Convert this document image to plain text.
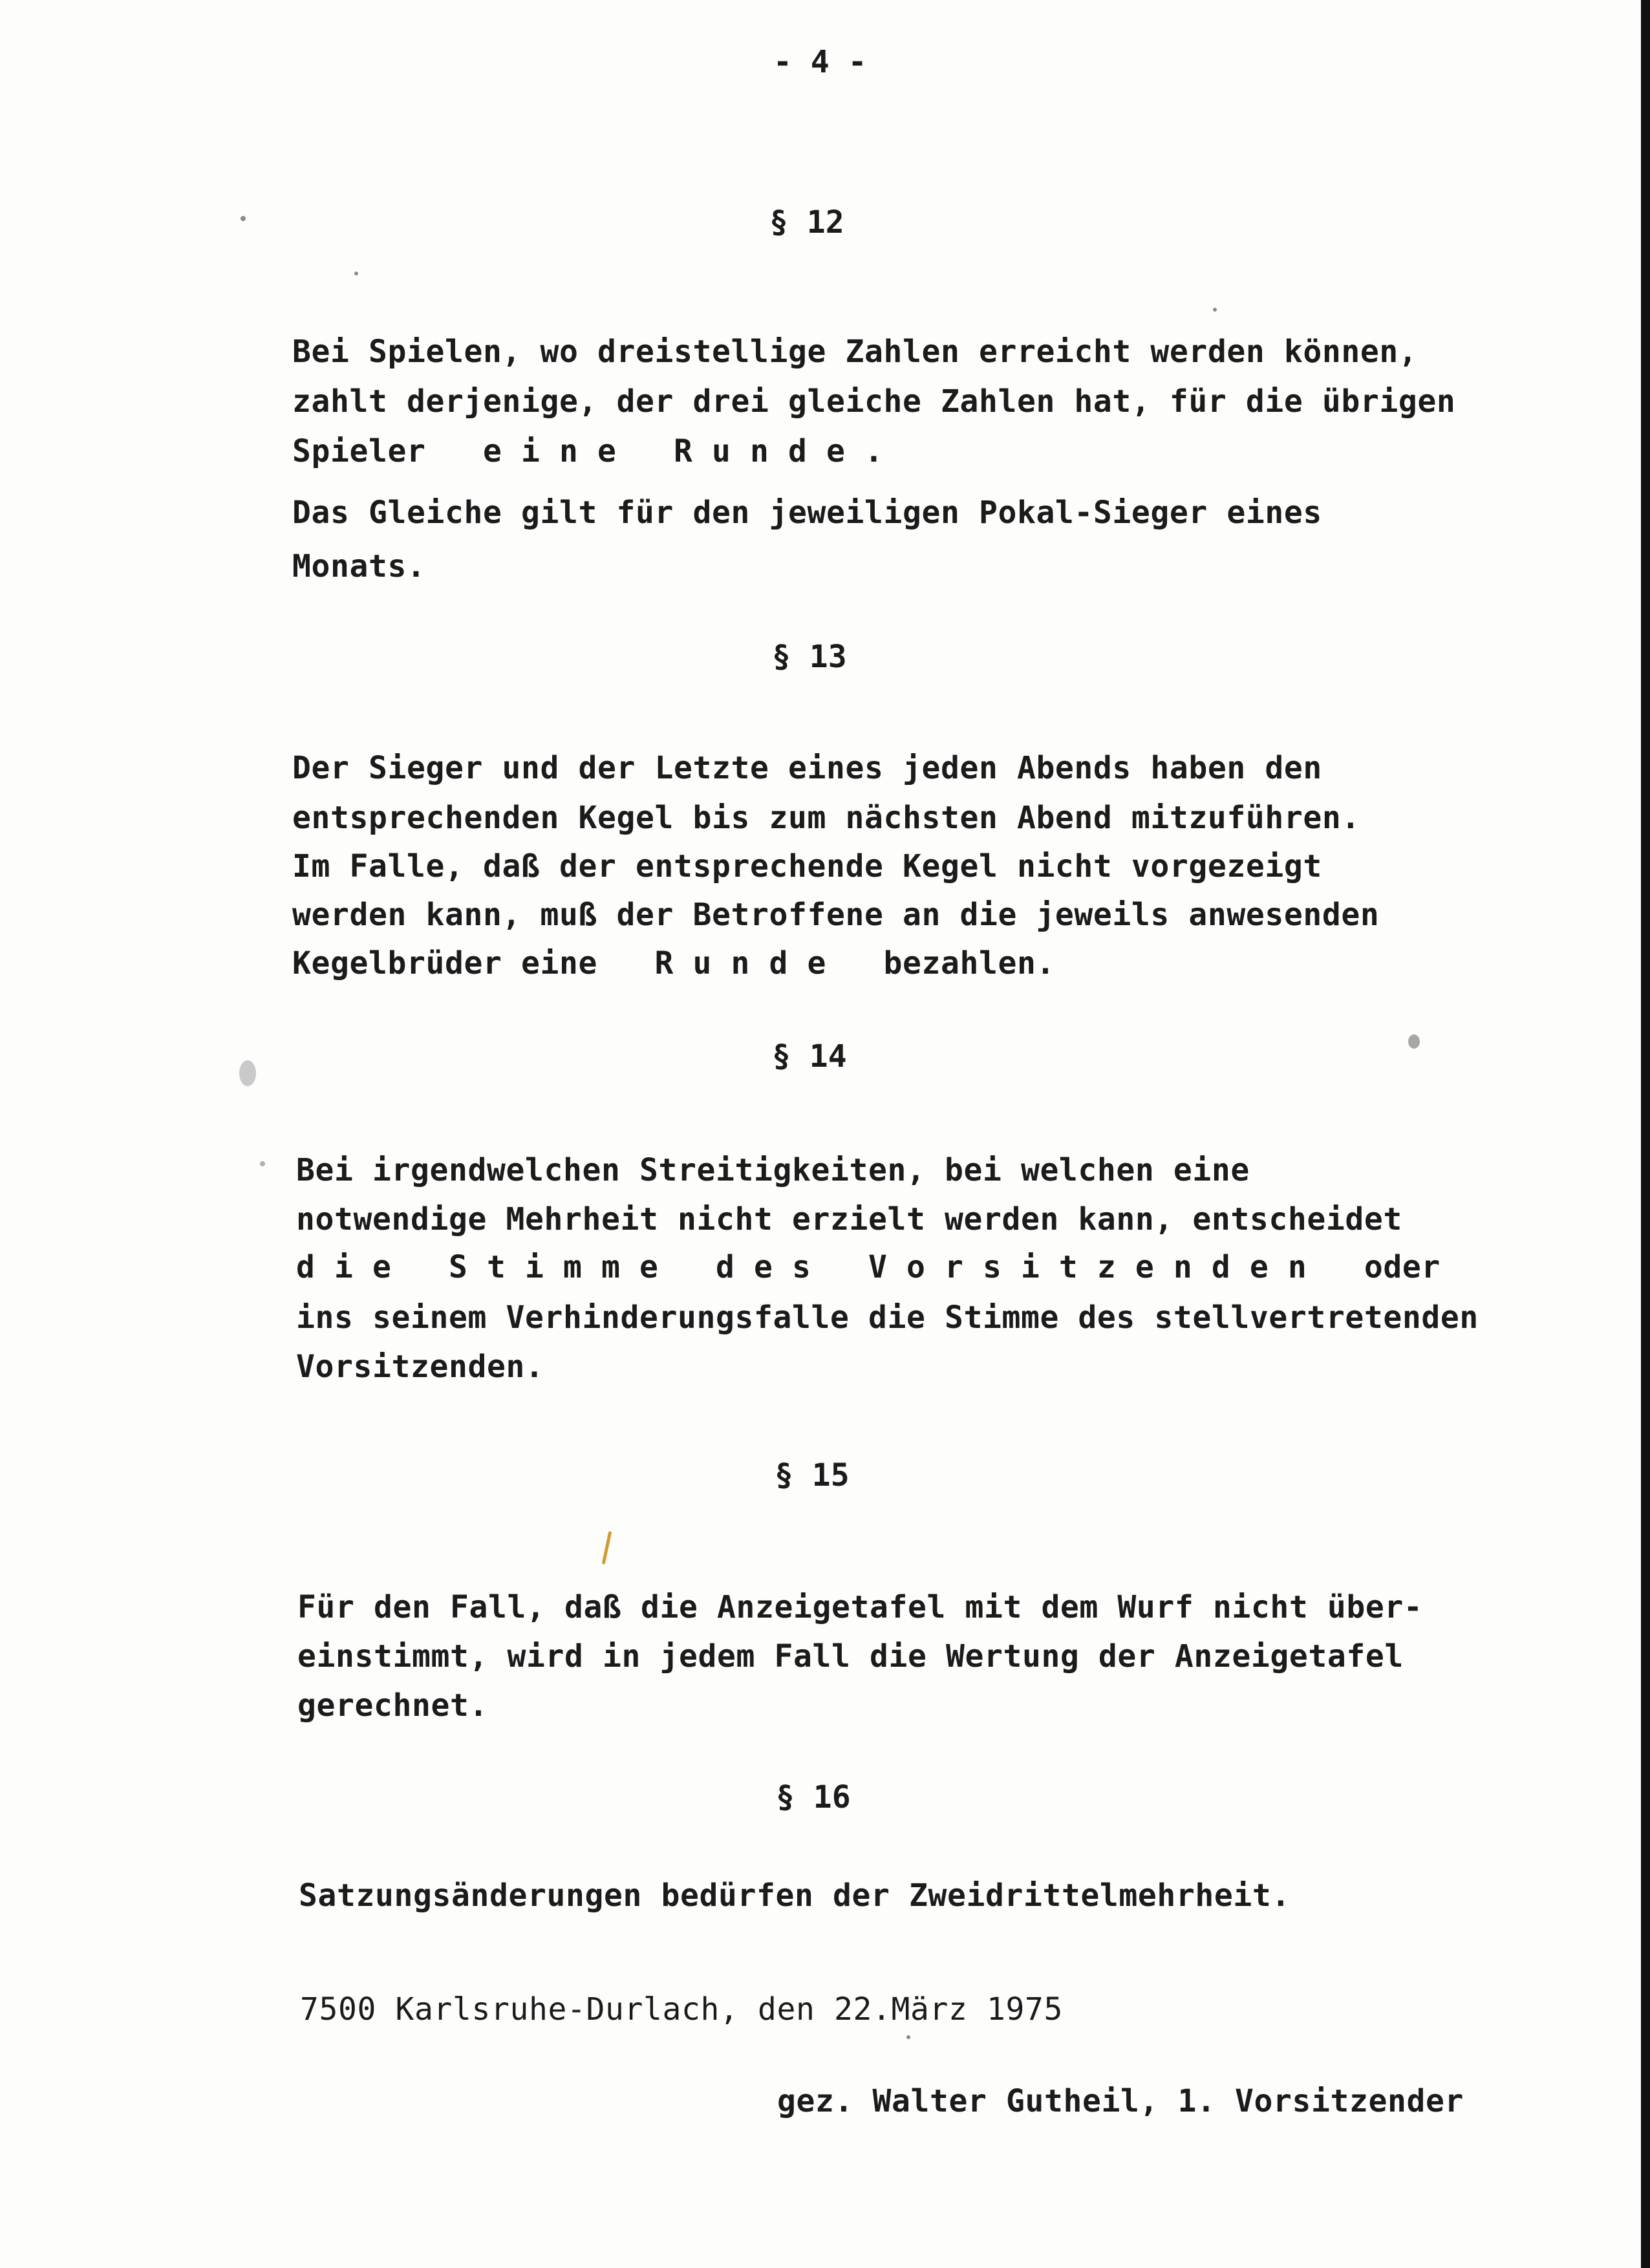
- 4 -
§ 12
Bei Spielen, wo dreistellige Zahlen erreicht werden können,
zahlt derjenige, der drei gleiche Zahlen hat, für die übrigen
Spieler   e i n e   R u n d e .
Das Gleiche gilt für den jeweiligen Pokal-Sieger eines
Monats.
§ 13
Der Sieger und der Letzte eines jeden Abends haben den
entsprechenden Kegel bis zum nächsten Abend mitzuführen.
Im Falle, daß der entsprechende Kegel nicht vorgezeigt
werden kann, muß der Betroffene an die jeweils anwesenden
Kegelbrüder eine   R u n d e   bezahlen.
§ 14
Bei irgendwelchen Streitigkeiten, bei welchen eine
notwendige Mehrheit nicht erzielt werden kann, entscheidet
d i e   S t i m m e   d e s   V o r s i t z e n d e n   oder
ins seinem Verhinderungsfalle die Stimme des stellvertretenden
Vorsitzenden.
§ 15
Für den Fall, daß die Anzeigetafel mit dem Wurf nicht über-
einstimmt, wird in jedem Fall die Wertung der Anzeigetafel
gerechnet.
§ 16
Satzungsänderungen bedürfen der Zweidrittelmehrheit.
7500 Karlsruhe-Durlach, den 22.März 1975
gez. Walter Gutheil, 1. Vorsitzender
